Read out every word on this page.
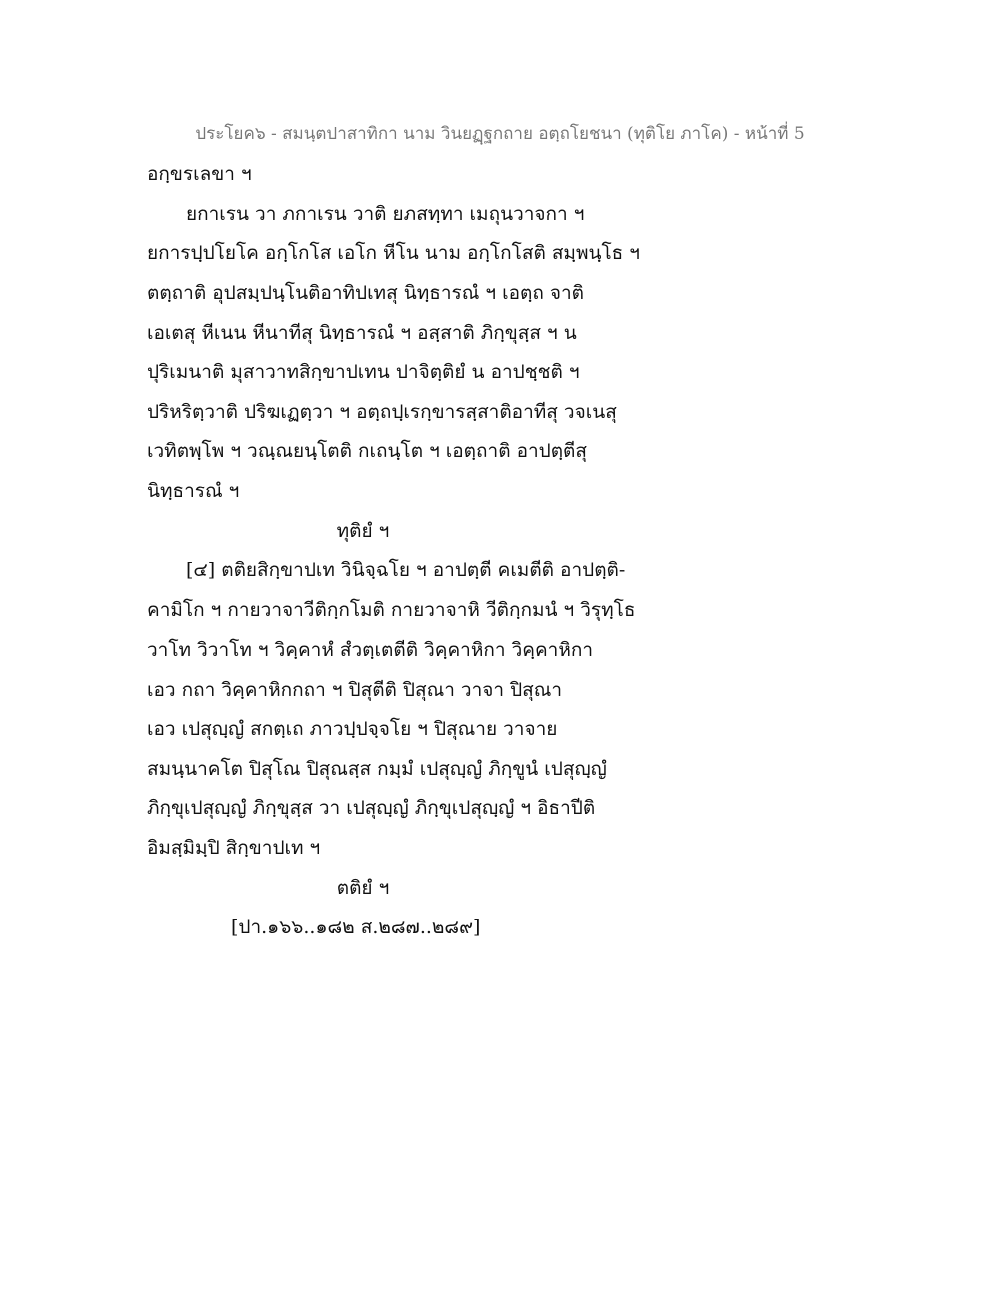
ประโยค๖ - สมนฺตปาสาทิกา นาม วินยฏฺฐกถาย อตฺถโยชนา (ทุติโย ภาโค) - หน้าที่ 5
อกฺขรเลขา ฯ
ยกาเรน วา ภกาเรน วาติ ยภสทฺทา เมถุนวาจกา ฯ
ยการปฺปโยโค อกฺโกโส เอโก หีโน นาม อกฺโกโสติ สมฺพนฺโธ ฯ
ตตฺถาติ อุปสมฺปนฺโนติอาทิปเทสุ นิทฺธารณํ ฯ เอตฺถ จาติ
เอเตสุ หีเนน หีนาทีสุ นิทฺธารณํ ฯ อสฺสาติ ภิกฺขุสฺส ฯ น
ปุริเมนาติ มุสาวาทสิกฺขาปเทน ปาจิตฺติยํ น อาปชฺชติ ฯ
ปริหริตฺวาติ ปริฆเฏตฺวา ฯ อตฺถปฺเรกฺขารสฺสาติอาทีสุ วจเนสุ
เวทิตพฺโพ ฯ วณฺณยนฺโตติ กเถนฺโต ฯ เอตฺถาติ อาปตฺตีสุ
นิทฺธารณํ ฯ
ทุติยํ ฯ
[๔] ตติยสิกฺขาปเท วินิจฺฉโย ฯ อาปตฺตี คเมตีติ อาปตฺติ-
คามิโก ฯ กายวาจาวีติกฺกโมติ กายวาจาหิ วีติกฺกมนํ ฯ วิรุทฺโธ
วาโท วิวาโท ฯ วิคฺคาหํ สํวตฺเตตีติ วิคฺคาหิกา วิคฺคาหิกา
เอว กถา วิคฺคาหิกกถา ฯ ปิสุตีติ ปิสุณา วาจา ปิสุณา
เอว เปสุญฺญํ สกตฺเถ ภาวปฺปจฺจโย ฯ ปิสุณาย วาจาย
สมนฺนาคโต ปิสุโณ ปิสุณสฺส กมฺมํ เปสุญฺญํ ภิกฺขูนํ เปสุญฺญํ
ภิกฺขุเปสุญฺญํ ภิกฺขุสฺส วา เปสุญฺญํ ภิกฺขุเปสุญฺญํ ฯ อิธาปีติ
อิมสฺมิมฺปิ สิกฺขาปเท ฯ
ตติยํ ฯ
[ปา.๑๖๖..๑๘๒ ส.๒๘๗..๒๘๙]
